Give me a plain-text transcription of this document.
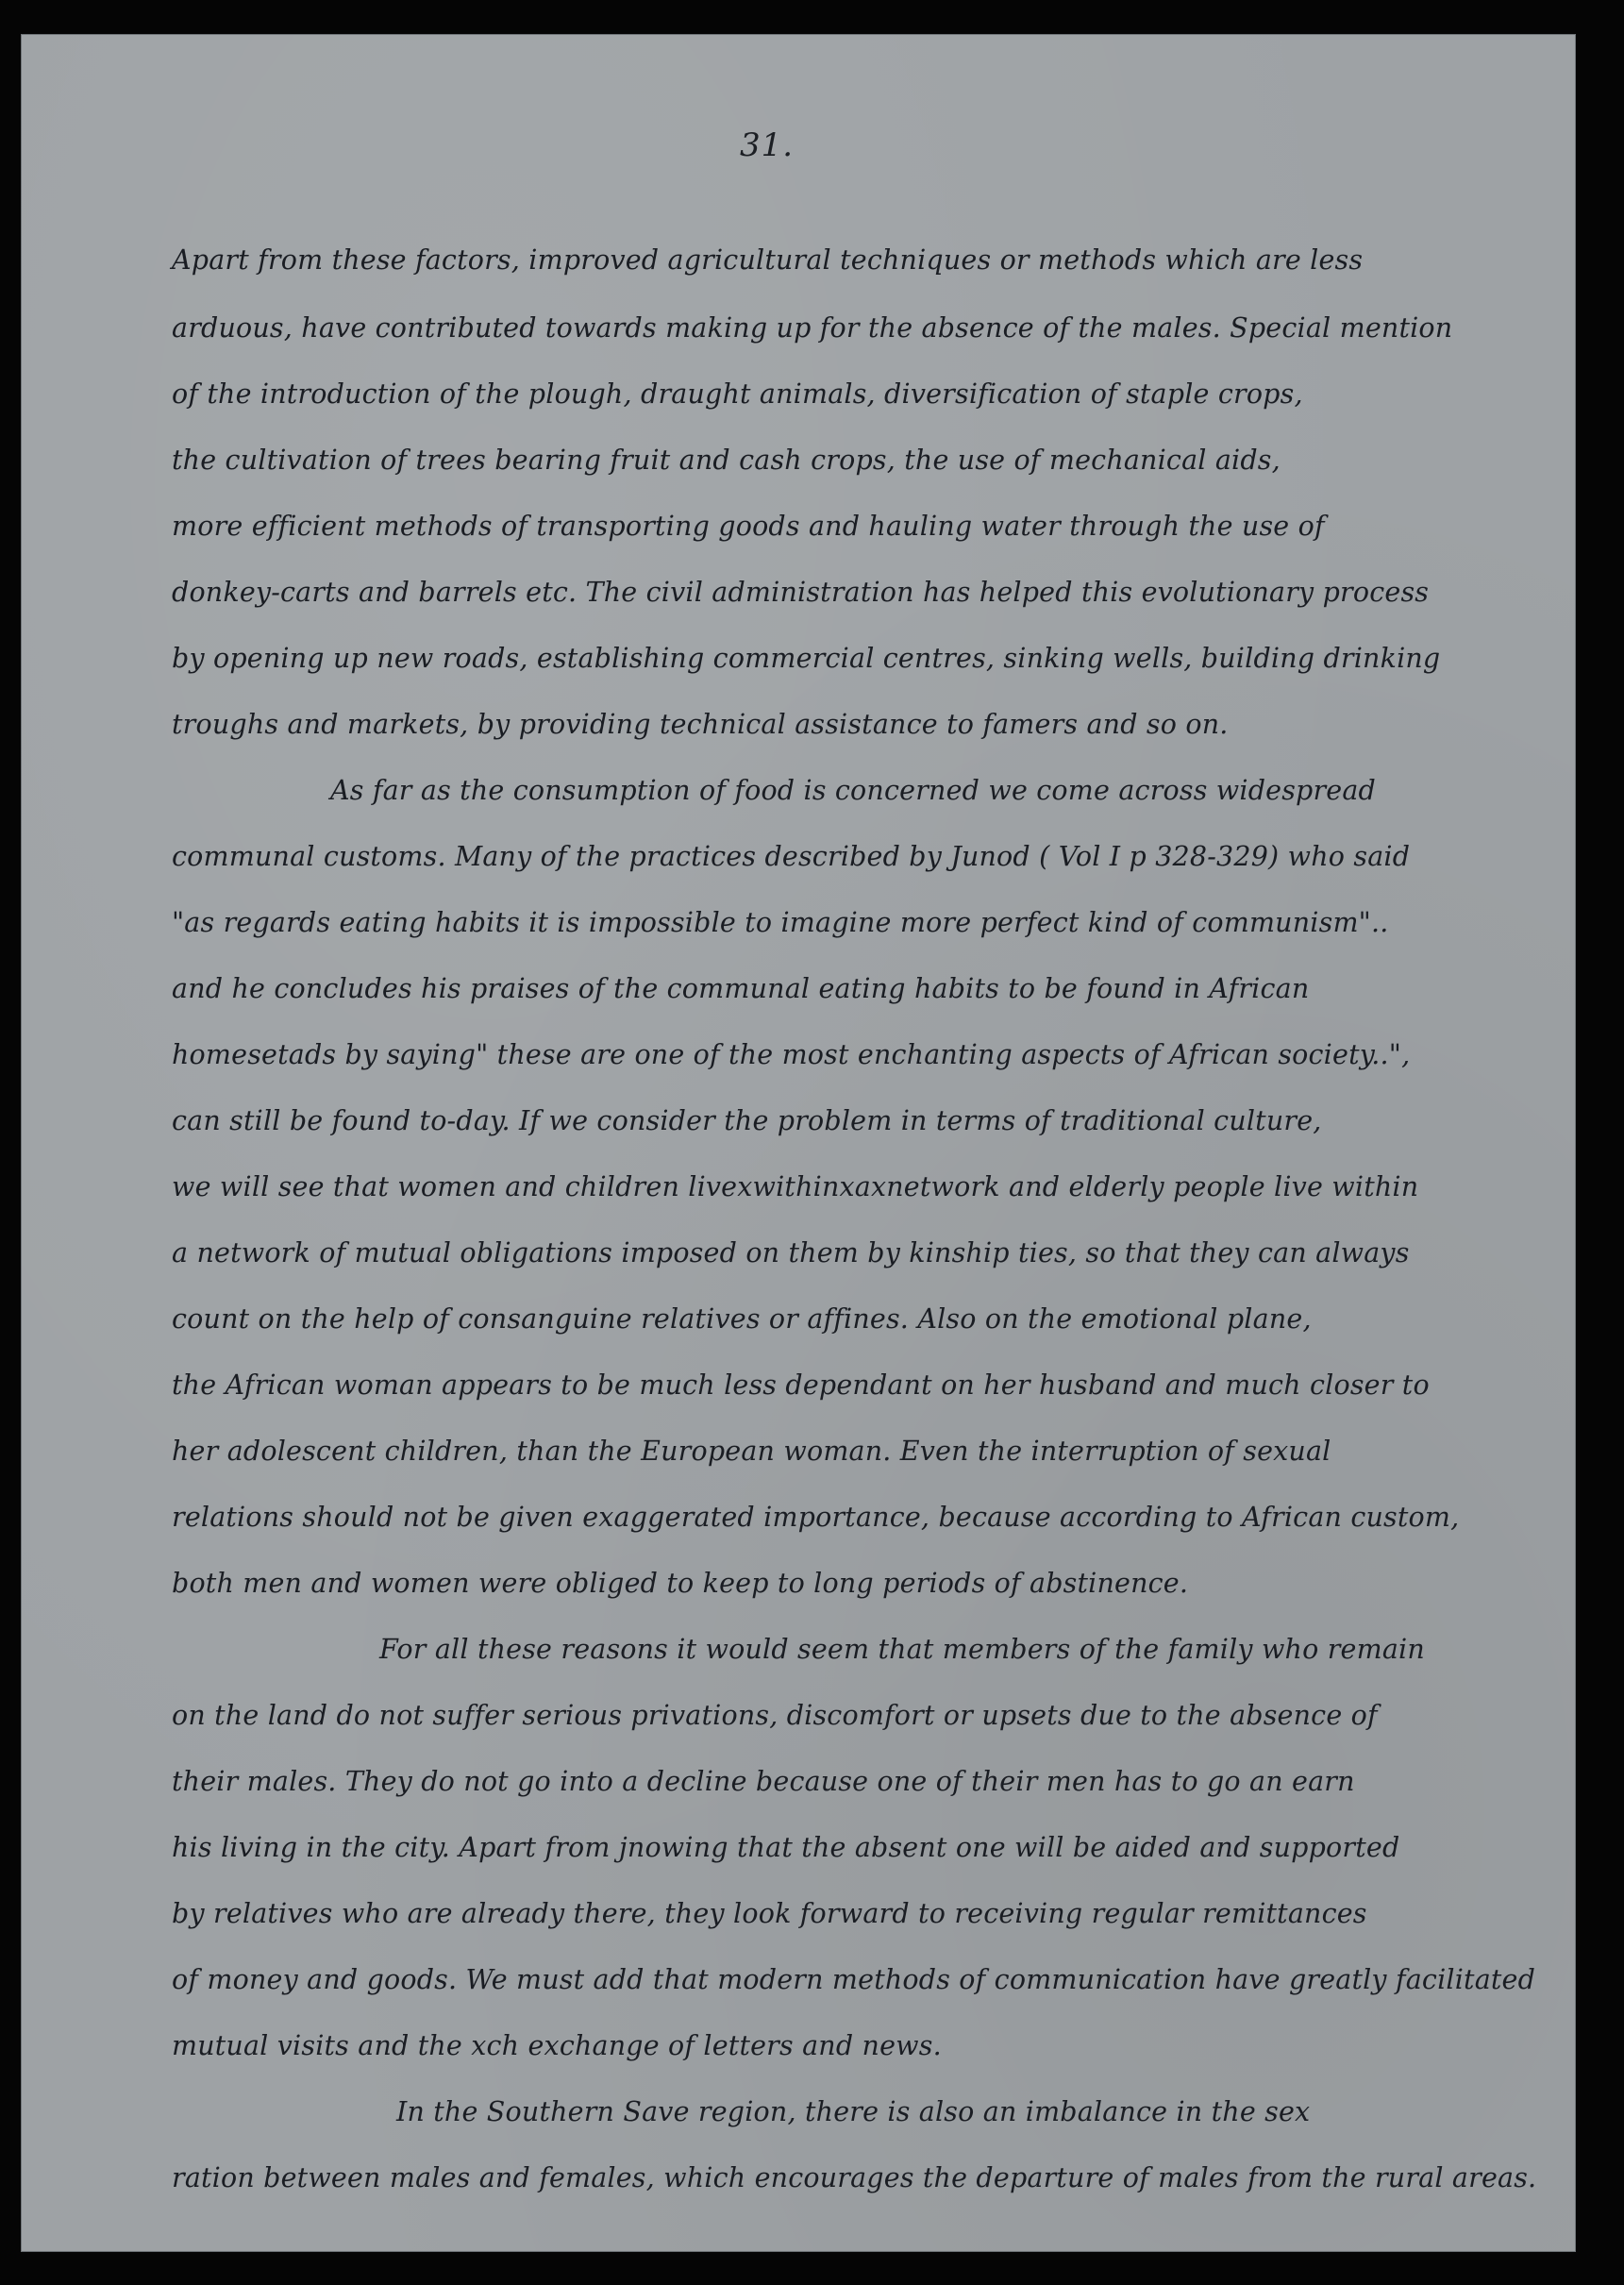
31.
Apart from these factors, improved agricultural techniques or methods which are less
arduous, have contributed towards making up for the absence of the males. Special mention
of the introduction of the plough, draught animals, diversification of staple crops,
the cultivation of trees bearing fruit and cash crops, the use of mechanical aids,
more efficient methods of transporting goods and hauling water through the use of
donkey-carts and barrels etc. The civil administration has helped this evolutionary process
by opening up new roads, establishing commercial centres, sinking wells, building drinking
troughs and markets, by providing technical assistance to famers and so on.
As far as the consumption of food is concerned we come across widespread
communal customs. Many of the practices described by Junod ( Vol I p 328-329) who said
"as regards eating habits it is impossible to imagine more perfect kind of communism"..
and he concludes his praises of the communal eating habits to be found in African
homesetads by saying" these are one of the most enchanting aspects of African society..",
can still be found to-day. If we consider the problem in terms of traditional culture,
we will see that women and children livexwithinxaxnetwork and elderly people live within
a network of mutual obligations imposed on them by kinship ties, so that they can always
count on the help of consanguine relatives or affines. Also on the emotional plane,
the African woman appears to be much less dependant on her husband and much closer to
her adolescent children, than the European woman. Even the interruption of sexual
relations should not be given exaggerated importance, because according to African custom,
both men and women were obliged to keep to long periods of abstinence.
For all these reasons it would seem that members of the family who remain
on the land do not suffer serious privations, discomfort or upsets due to the absence of
their males. They do not go into a decline because one of their men has to go an earn
his living in the city. Apart from jnowing that the absent one will be aided and supported
by relatives who are already there, they look forward to receiving regular remittances
of money and goods. We must add that modern methods of communication have greatly facilitated
mutual visits and the xch exchange of letters and news.
In the Southern Save region, there is also an imbalance in the sex
ration between males and females, which encourages the departure of males from the rural areas.
